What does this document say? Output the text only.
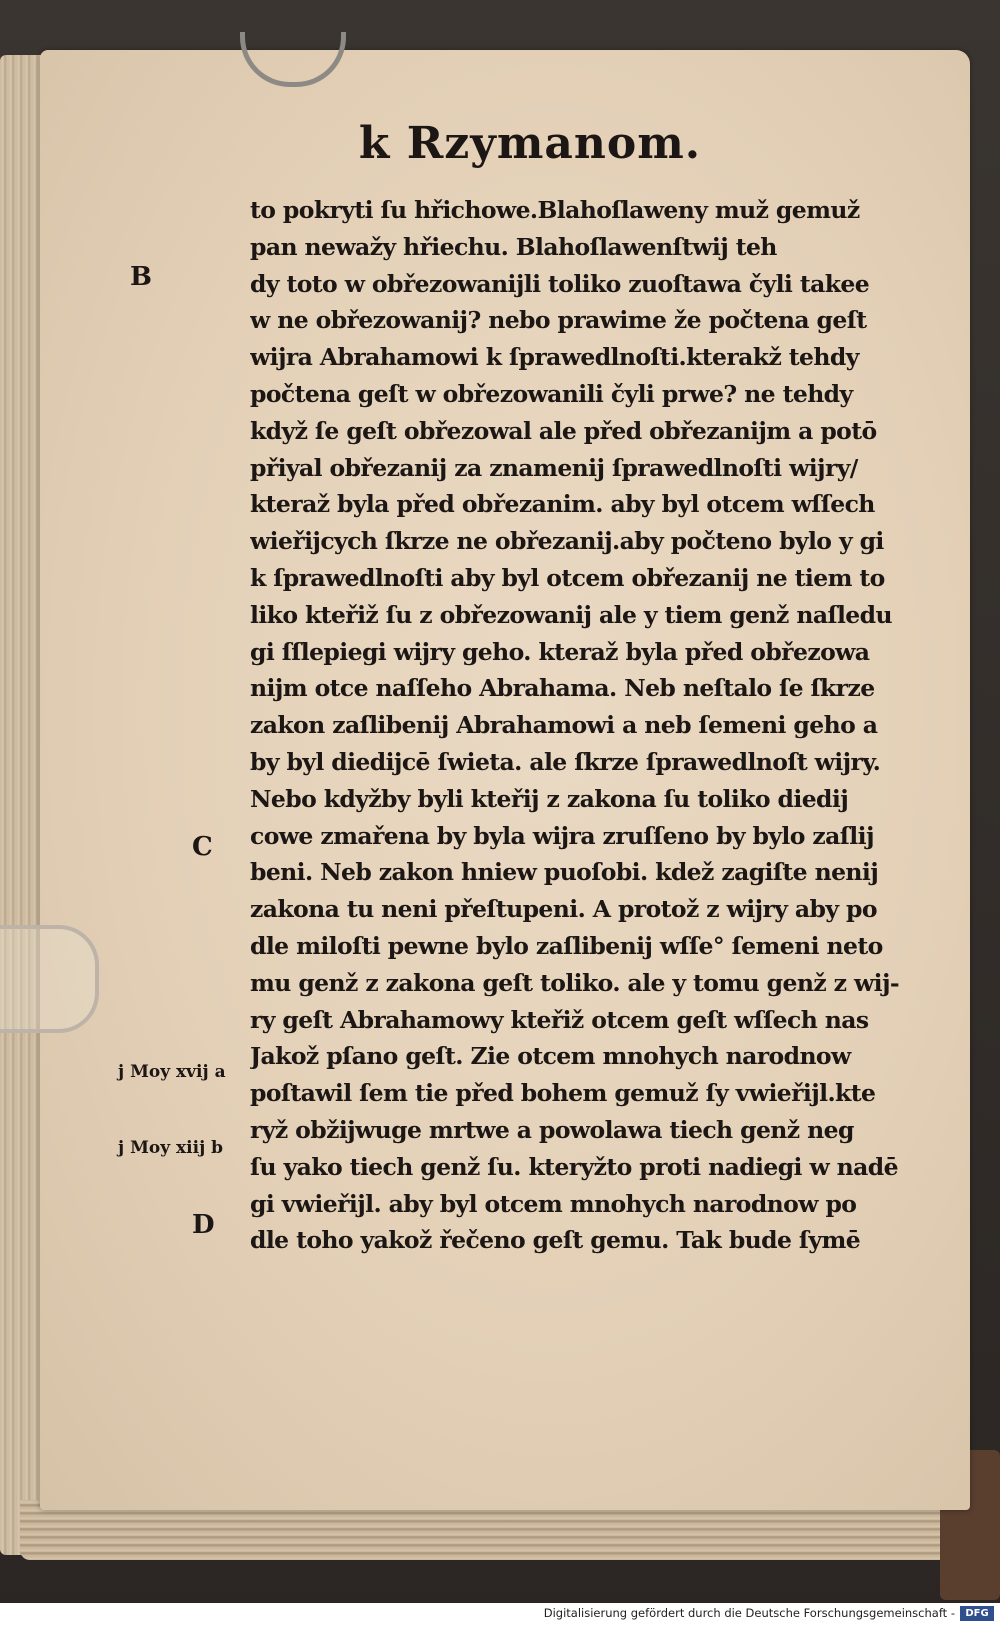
k Rzymanom.
B
C
j Moy xvij a
j Moy xiij b
D
to pokryti ſu hřichowe.Blahoſlaweny muž gemuž
pan newažy hřiechu. Blahoſlawenſtwij teh
dy toto w obřezowanijli toliko zuoſtawa čyli takee
w ne obřezowanij? nebo prawime že počtena geſt
wijra Abrahamowi k ſprawedlnoſti.kterakž tehdy
počtena geſt w obřezowanili čyli prwe? ne tehdy
když ſe geſt obřezowal ale před obřezanijm a potō
přiyal obřezanij za znamenij ſprawedlnoſti wijry/
kteraž byla před obřezanim. aby byl otcem wſſech
wieřijcych ſkrze ne obřezanij.aby počteno bylo y gi
k ſprawedlnoſti aby byl otcem obřezanij ne tiem to
liko kteřiž ſu z obřezowanij ale y tiem genž naſledu
gi ſſlepiegi wijry geho. kteraž byla před obřezowa
nijm otce naſſeho Abrahama. Neb neſtalo ſe ſkrze
zakon zaſlibenij Abrahamowi a neb ſemeni geho a
by byl diedijcē ſwieta. ale ſkrze ſprawedlnoſt wijry.
Nebo kdyžby byli kteřij z zakona ſu toliko diedij
cowe zmařena by byla wijra zruſſeno by bylo zaſlij
beni. Neb zakon hniew puoſobi. kdež zagiſte nenij
zakona tu neni přeſtupeni. A protož z wijry aby po
dle miloſti pewne bylo zaſlibenij wſſe° ſemeni neto
mu genž z zakona geſt toliko. ale y tomu genž z wij-
ry geſt Abrahamowy kteřiž otcem geſt wſſech nas
Jakož pſano geſt. Zie otcem mnohych narodnow
poſtawil ſem tie před bohem gemuž ſy vwieřijl.kte
ryž obžijwuge mrtwe a powolawa tiech genž neg
ſu yako tiech genž ſu. kteryžto proti nadiegi w nadē
gi vwieřijl. aby byl otcem mnohych narodnow po
dle toho yakož řečeno geſt gemu. Tak bude ſymē
Digitalisierung gefördert durch die Deutsche Forschungsgemeinschaft -	DFG
